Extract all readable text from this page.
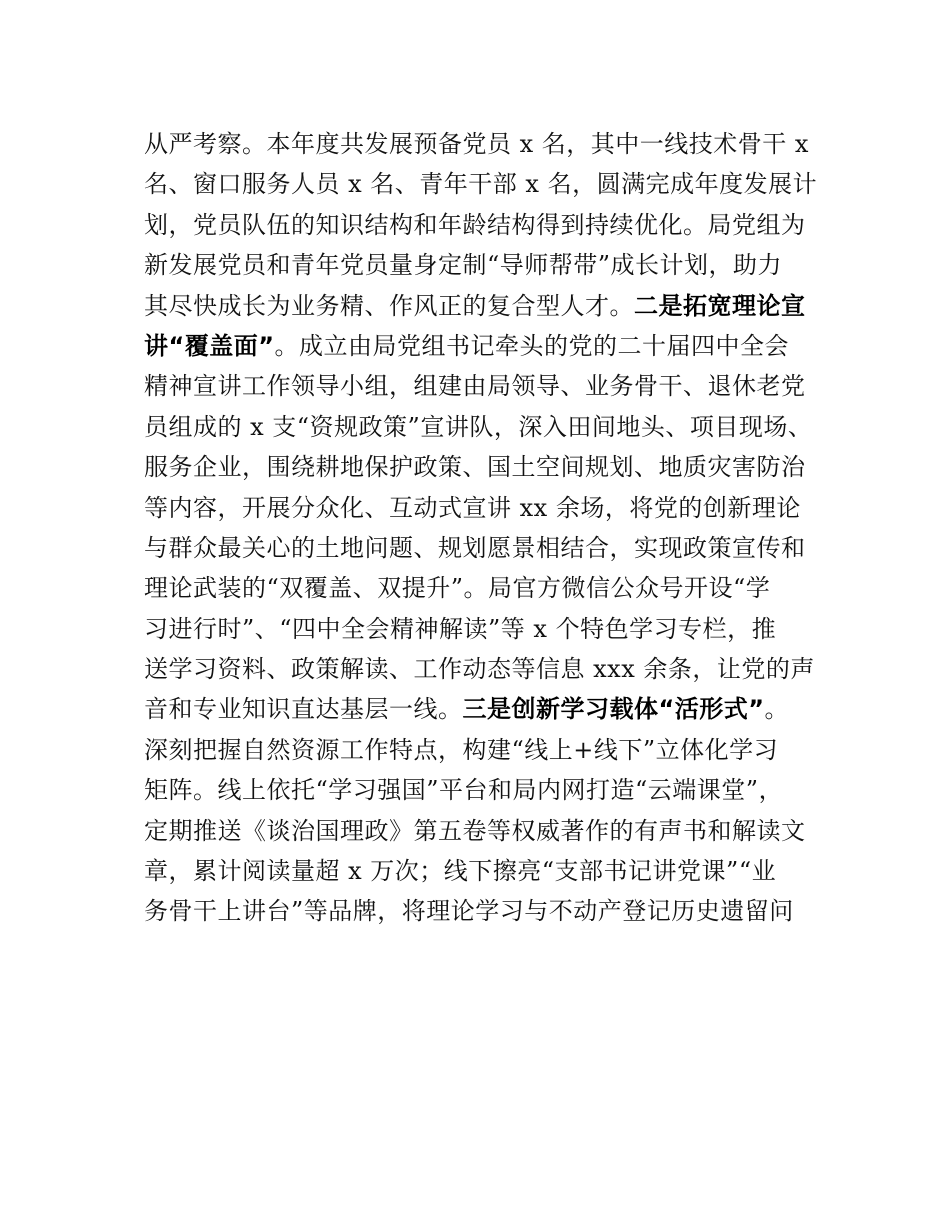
从严考察。本年度共发展预备党员 x 名，其中一线技术骨干 x
名、窗口服务人员 x 名、青年干部 x 名，圆满完成年度发展计
划，党员队伍的知识结构和年龄结构得到持续优化。局党组为
新发展党员和青年党员量身定制“导师帮带”成长计划，助力
其尽快成长为业务精、作风正的复合型人才。二是拓宽理论宣
讲“覆盖面”。成立由局党组书记牵头的党的二十届四中全会
精神宣讲工作领导小组，组建由局领导、业务骨干、退休老党
员组成的 x 支“资规政策”宣讲队，深入田间地头、项目现场、
服务企业，围绕耕地保护政策、国土空间规划、地质灾害防治
等内容，开展分众化、互动式宣讲 xx 余场，将党的创新理论
与群众最关心的土地问题、规划愿景相结合，实现政策宣传和
理论武装的“双覆盖、双提升”。局官方微信公众号开设“学
习进行时”、“四中全会精神解读”等 x 个特色学习专栏，推
送学习资料、政策解读、工作动态等信息 xxx 余条，让党的声
音和专业知识直达基层一线。三是创新学习载体“活形式”。
深刻把握自然资源工作特点，构建“线上+线下”立体化学习
矩阵。线上依托“学习强国”平台和局内网打造“云端课堂”，
定期推送《谈治国理政》第五卷等权威著作的有声书和解读文
章，累计阅读量超 x 万次；线下擦亮“支部书记讲党课”“业
务骨干上讲台”等品牌，将理论学习与不动产登记历史遗留问
